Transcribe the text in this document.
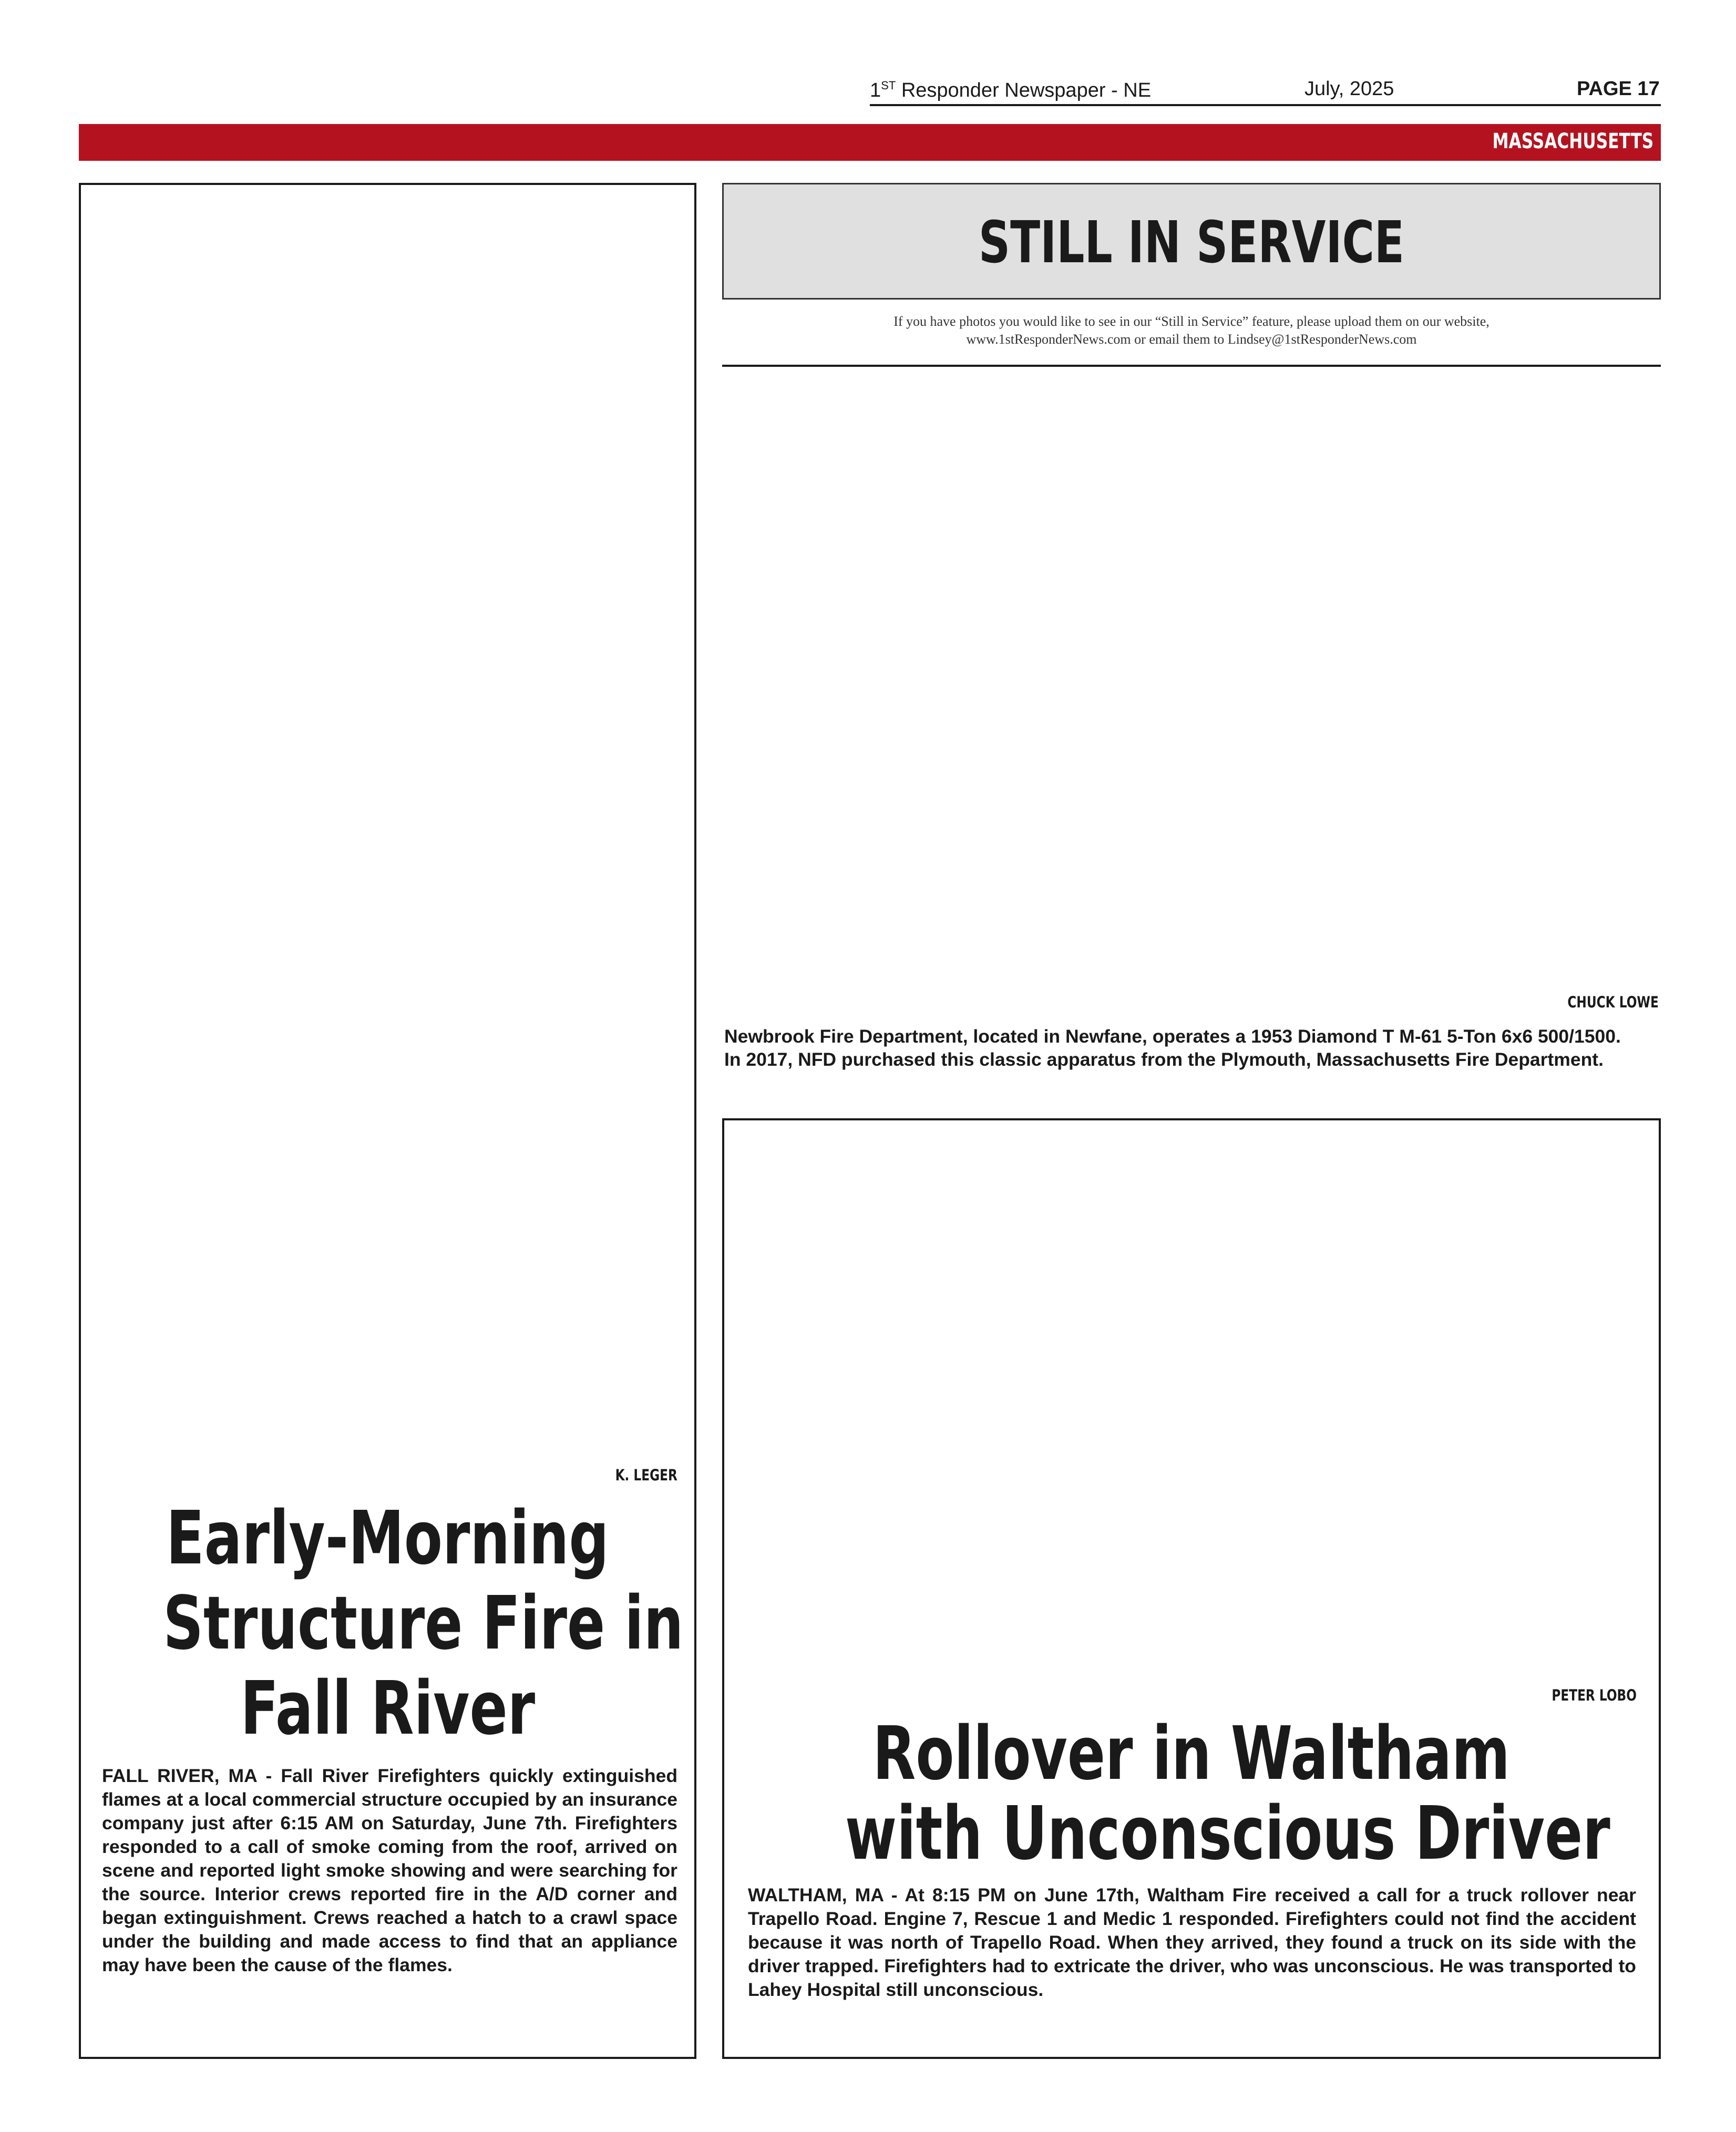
1ST Responder Newspaper - NE	July, 2025	PAGE 17
MASSACHUSETTS
K. LEGER
Early-Morning
Structure Fire in
Fall River
FALL RIVER, MA - Fall River Firefighters quickly extinguished flames at a local commercial structure occupied by an insurance company just after 6:15 AM on Saturday, June 7th. Firefighters responded to a call of smoke coming from the roof, arrived on scene and reported light smoke showing and were searching for the source. Interior crews reported fire in the A/D corner and began extinguishment. Crews reached a hatch to a crawl space under the building and made access to find that an appliance may have been the cause of the flames.
STILL IN SERVICE
If you have photos you would like to see in our “Still in Service” feature, please upload them on our website,
www.1stResponderNews.com or email them to Lindsey@1stResponderNews.com
CHUCK LOWE
Newbrook Fire Department, located in Newfane, operates a 1953 Diamond T M-61 5-Ton 6x6 500/1500.
In 2017, NFD purchased this classic apparatus from the Plymouth, Massachusetts Fire Department.
PETER LOBO
Rollover in Waltham
with Unconscious Driver
WALTHAM, MA - At 8:15 PM on June 17th, Waltham Fire received a call for a truck rollover near Trapello Road. Engine 7, Rescue 1 and Medic 1 responded. Firefighters could not find the accident because it was north of Trapello Road. When they arrived, they found a truck on its side with the driver trapped. Firefighters had to extricate the driver, who was unconscious. He was transported to Lahey Hospital still unconscious.
